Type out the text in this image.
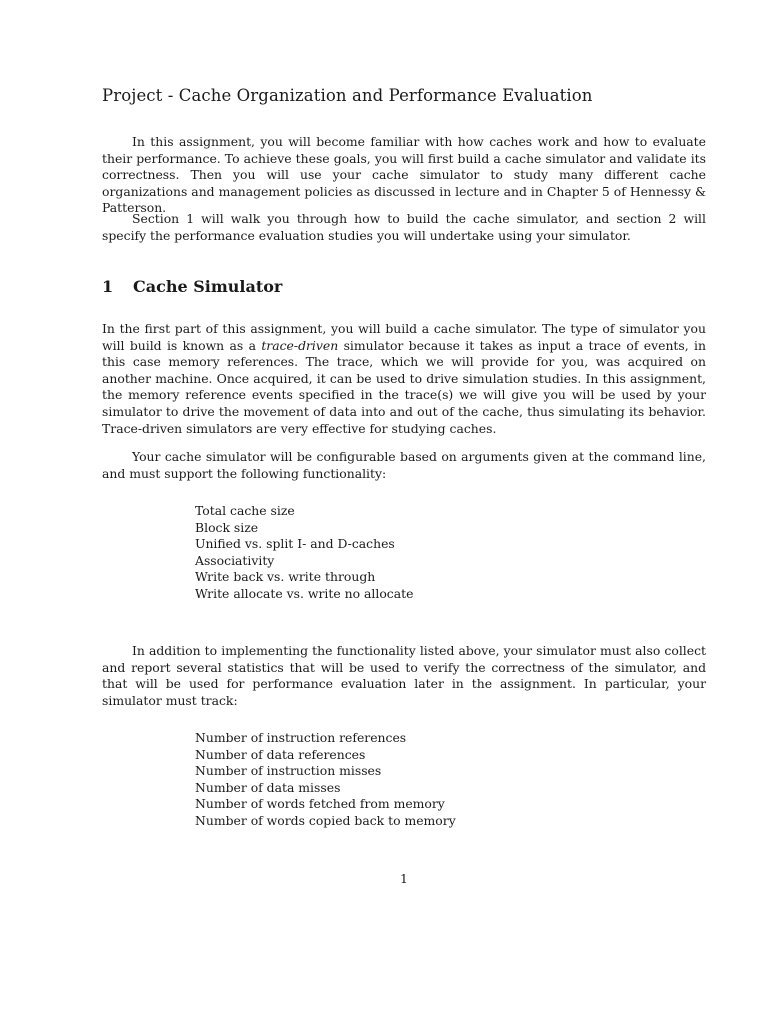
Project - Cache Organization and Performance Evaluation

In this assignment, you will become familiar with how caches work and how to evaluate their performance. To achieve these goals, you will first build a cache simulator and validate its correctness. Then you will use your cache simulator to study many different cache organizations and management policies as discussed in lecture and in Chapter 5 of Hennessy & Patterson.

Section 1 will walk you through how to build the cache simulator, and section 2 will specify the performance evaluation studies you will undertake using your simulator.

1 Cache Simulator

In the first part of this assignment, you will build a cache simulator. The type of simulator you will build is known as a trace-driven simulator because it takes as input a trace of events, in this case memory references. The trace, which we will provide for you, was acquired on another machine. Once acquired, it can be used to drive simulation studies. In this assignment, the memory reference events specified in the trace(s) we will give you will be used by your simulator to drive the movement of data into and out of the cache, thus simulating its behavior. Trace-driven simulators are very effective for studying caches.

Your cache simulator will be configurable based on arguments given at the command line, and must support the following functionality:

Total cache size
Block size
Unified vs. split I- and D-caches
Associativity
Write back vs. write through
Write allocate vs. write no allocate

In addition to implementing the functionality listed above, your simulator must also collect and report several statistics that will be used to verify the correctness of the simulator, and that will be used for performance evaluation later in the assignment. In particular, your simulator must track:

Number of instruction references
Number of data references
Number of instruction misses
Number of data misses
Number of words fetched from memory
Number of words copied back to memory
1
